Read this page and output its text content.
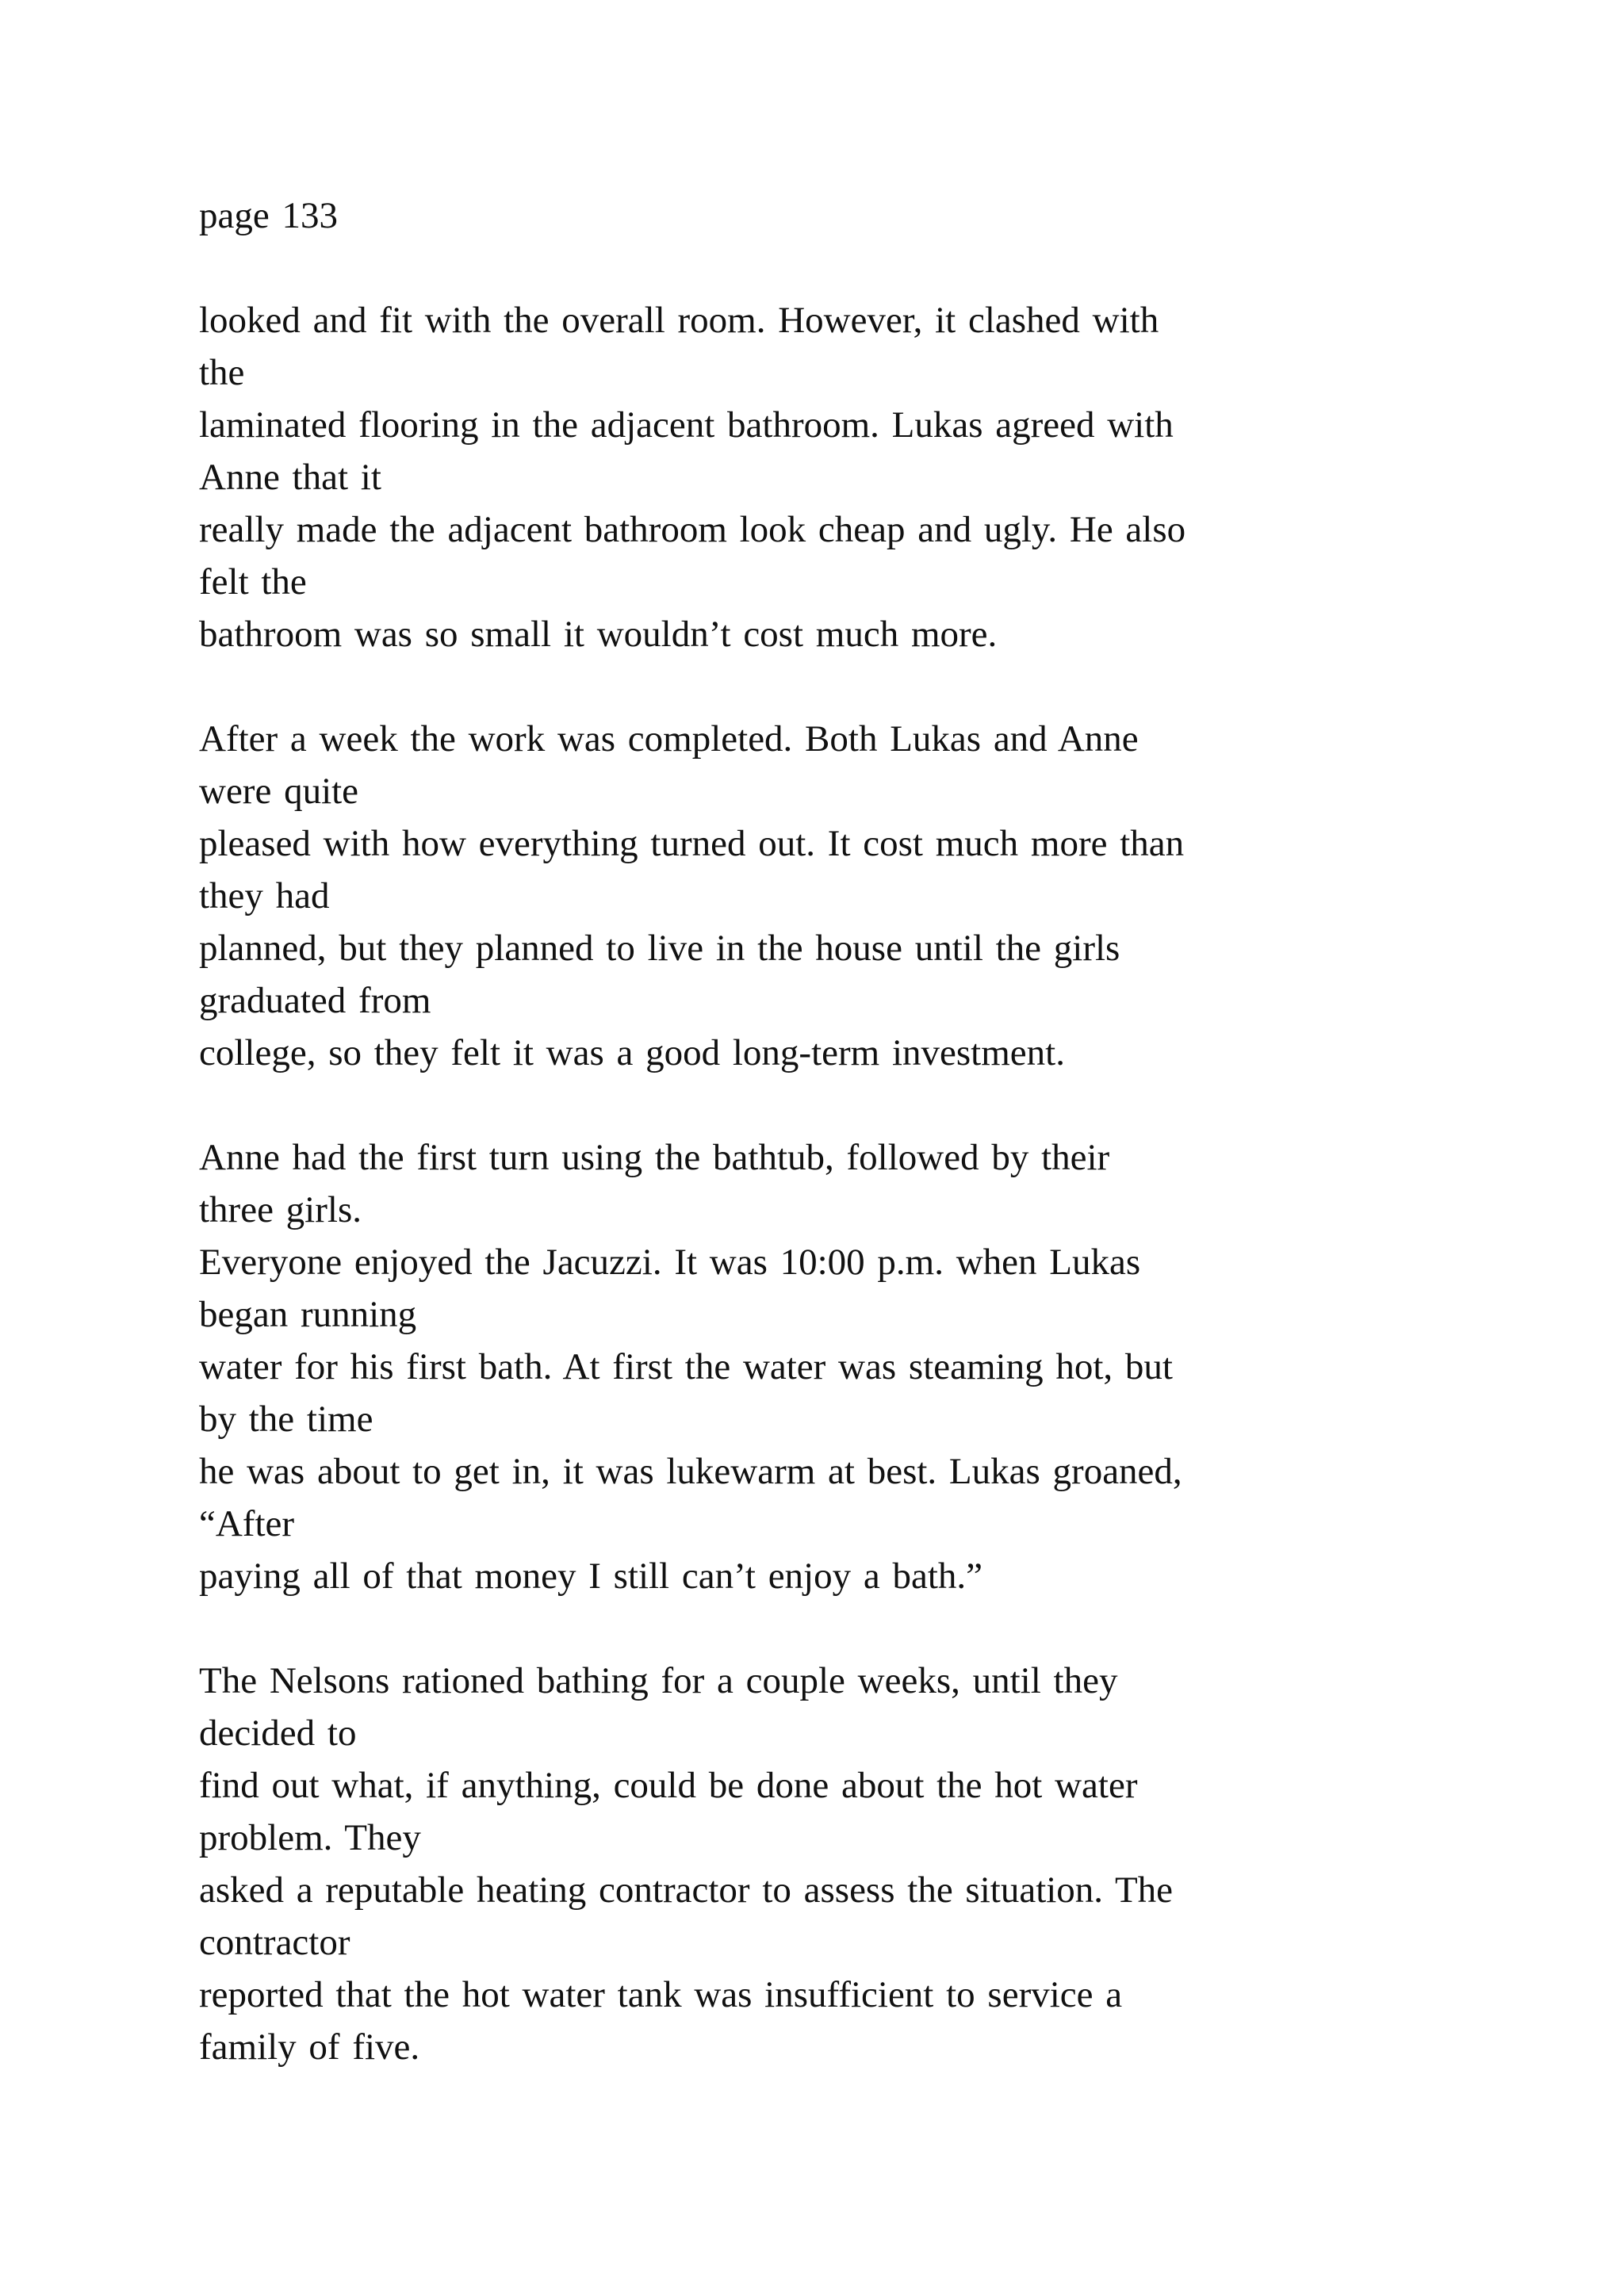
page 133
looked and fit with the overall room. However, it clashed with
the
laminated flooring in the adjacent bathroom. Lukas agreed with
Anne that it
really made the adjacent bathroom look cheap and ugly. He also
felt the
bathroom was so small it wouldn’t cost much more.
After a week the work was completed. Both Lukas and Anne
were quite
pleased with how everything turned out. It cost much more than
they had
planned, but they planned to live in the house until the girls
graduated from
college, so they felt it was a good long-term investment.
Anne had the first turn using the bathtub, followed by their
three girls.
Everyone enjoyed the Jacuzzi. It was 10:00 p.m. when Lukas
began running
water for his first bath. At first the water was steaming hot, but
by the time
he was about to get in, it was lukewarm at best. Lukas groaned,
“After
paying all of that money I still can’t enjoy a bath.”
The Nelsons rationed bathing for a couple weeks, until they
decided to
find out what, if anything, could be done about the hot water
problem. They
asked a reputable heating contractor to assess the situation. The
contractor
reported that the hot water tank was insufficient to service a
family of five.
